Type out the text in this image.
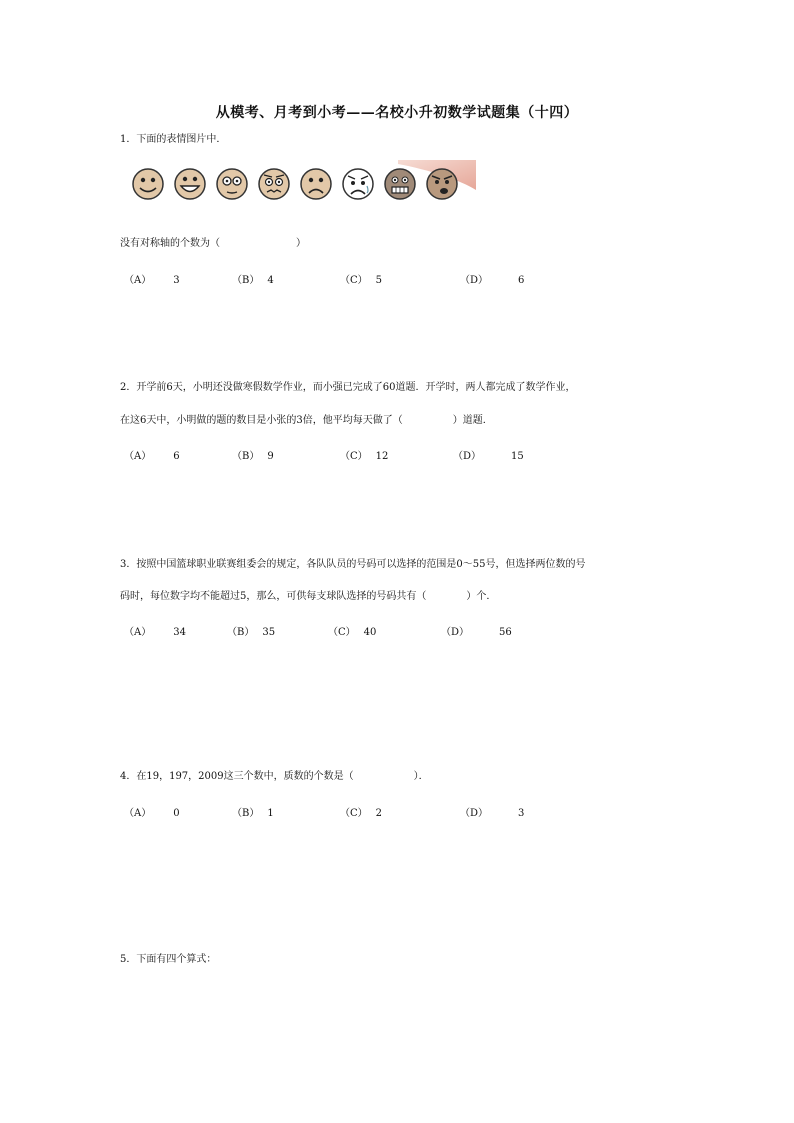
从模考、月考到小考——名校小升初数学试题集（十四）
1．下面的表情图片中．
没有对称轴的个数为（	）
（A） 3	（B） 4	（C） 5	（D）	6
2．开学前6天，小明还没做寒假数学作业，而小强已完成了60道题．开学时，两人都完成了数学作业，
在这6天中，小明做的题的数目是小张的3倍，他平均每天做了（	）道题．
（A） 6	（B） 9	（C） 12	（D）	15
3．按照中国篮球职业联赛组委会的规定，各队队员的号码可以选择的范围是0～55号，但选择两位数的号
码时，每位数字均不能超过5，那么，可供每支球队选择的号码共有（	）个．
（A） 34	（B） 35	（C） 40	（D）	56
4．在19，197，2009这三个数中，质数的个数是（	）．
（A） 0	（B） 1	（C） 2	（D）	3
5．下面有四个算式：
